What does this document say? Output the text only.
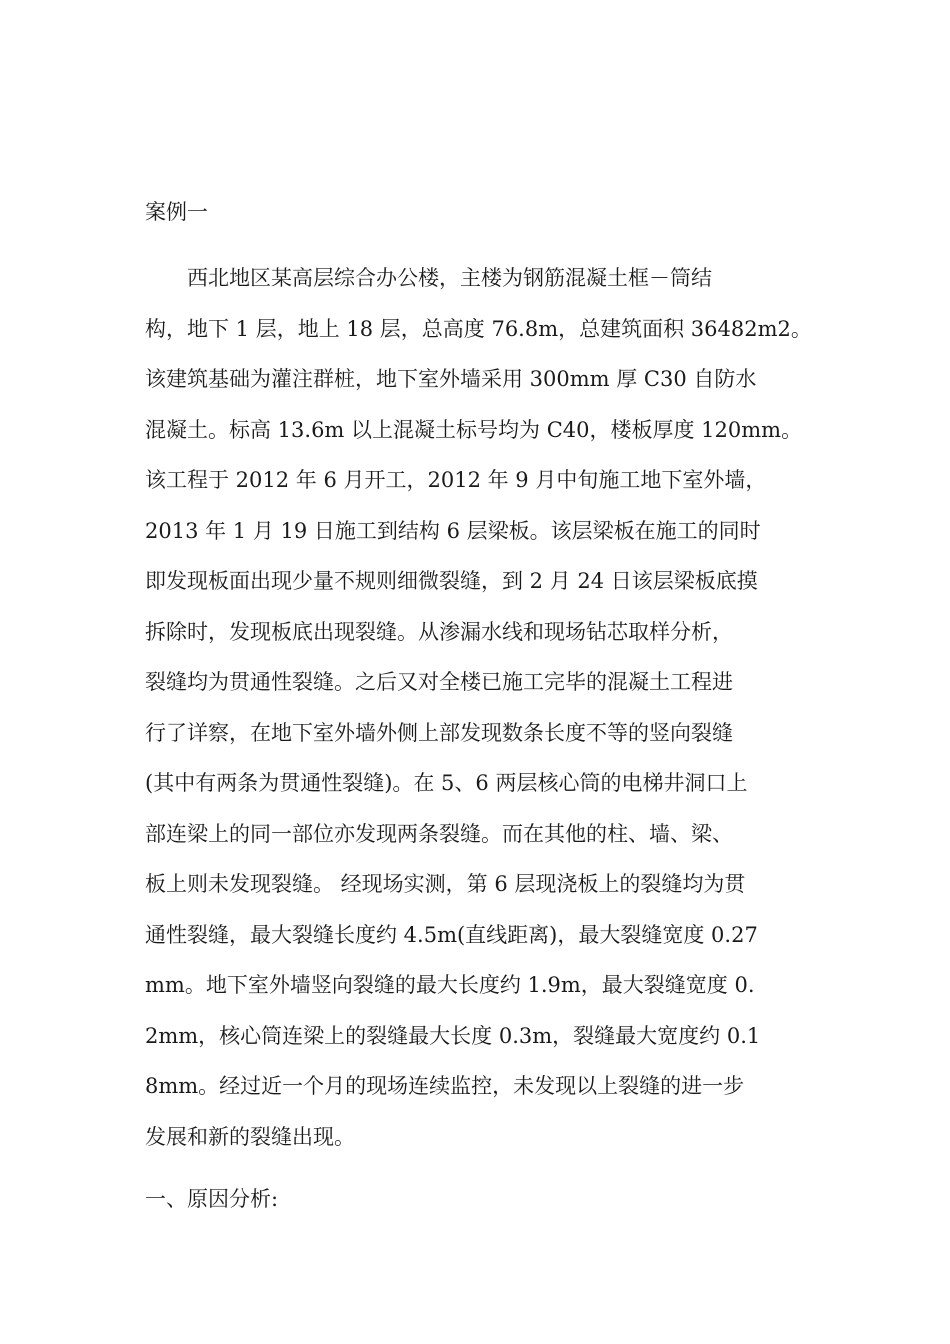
案例一
　　西北地区某高层综合办公楼，主楼为钢筋混凝土框－筒结
构，地下 1 层，地上 18 层，总高度 76.8m，总建筑面积 36482m2。
该建筑基础为灌注群桩，地下室外墙采用 300mm 厚 C30 自防水
混凝土。标高 13.6m 以上混凝土标号均为 C40，楼板厚度 120mm。
该工程于 2012 年 6 月开工，2012 年 9 月中旬施工地下室外墙，
2013 年 1 月 19 日施工到结构 6 层梁板。该层梁板在施工的同时
即发现板面出现少量不规则细微裂缝，到 2 月 24 日该层梁板底摸
拆除时，发现板底出现裂缝。从渗漏水线和现场钻芯取样分析，
裂缝均为贯通性裂缝。之后又对全楼已施工完毕的混凝土工程进
行了详察，在地下室外墙外侧上部发现数条长度不等的竖向裂缝
(其中有两条为贯通性裂缝)。在 5、6 两层核心筒的电梯井洞口上
部连梁上的同一部位亦发现两条裂缝。而在其他的柱、墙、梁、
板上则未发现裂缝。 经现场实测，第 6 层现浇板上的裂缝均为贯
通性裂缝，最大裂缝长度约 4.5m(直线距离)，最大裂缝宽度 0.27
mm。地下室外墙竖向裂缝的最大长度约 1.9m，最大裂缝宽度 0.
2mm，核心筒连梁上的裂缝最大长度 0.3m，裂缝最大宽度约 0.1
8mm。经过近一个月的现场连续监控，未发现以上裂缝的进一步
发展和新的裂缝出现。
一、原因分析:
